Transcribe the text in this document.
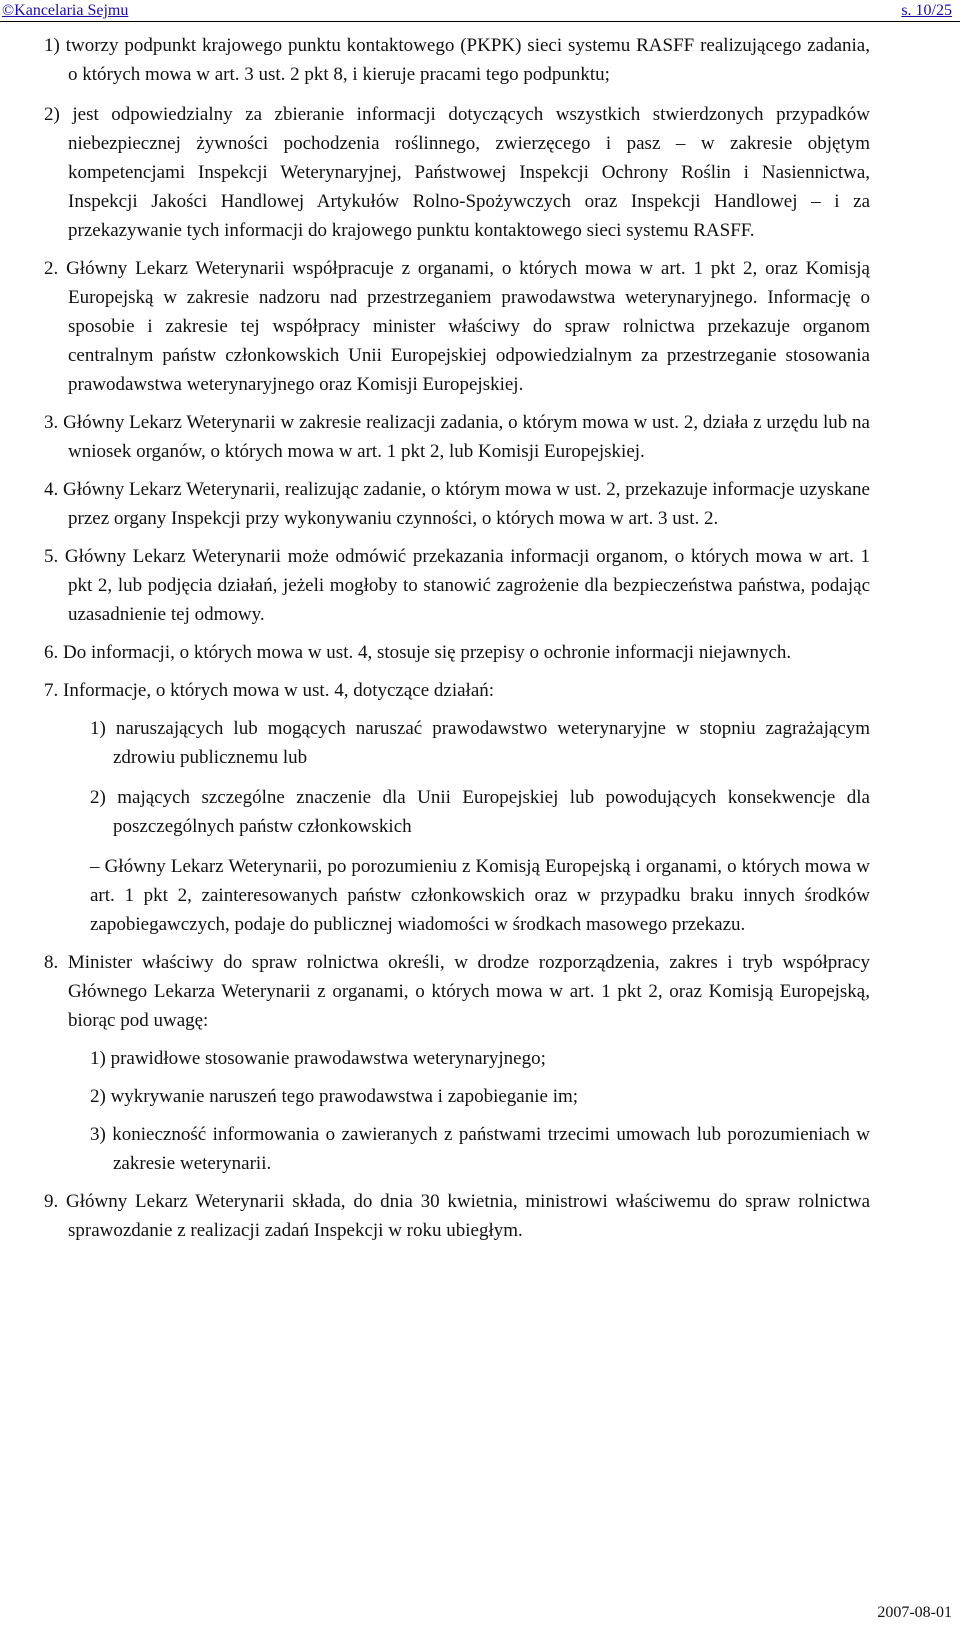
©Kancelaria Sejmu	s. 10/25

1) tworzy podpunkt krajowego punktu kontaktowego (PKPK) sieci systemu RASFF realizującego zadania, o których mowa w art. 3 ust. 2 pkt 8, i kieruje pracami tego podpunktu;

2) jest odpowiedzialny za zbieranie informacji dotyczących wszystkich stwierdzonych przypadków niebezpiecznej żywności pochodzenia roślinnego, zwierzęcego i pasz – w zakresie objętym kompetencjami Inspekcji Weterynaryjnej, Państwowej Inspekcji Ochrony Roślin i Nasiennictwa, Inspekcji Jakości Handlowej Artykułów Rolno-Spożywczych oraz Inspekcji Handlowej – i za przekazywanie tych informacji do krajowego punktu kontaktowego sieci systemu RASFF.

2. Główny Lekarz Weterynarii współpracuje z organami, o których mowa w art. 1 pkt 2, oraz Komisją Europejską w zakresie nadzoru nad przestrzeganiem prawodawstwa weterynaryjnego. Informację o sposobie i zakresie tej współpracy minister właściwy do spraw rolnictwa przekazuje organom centralnym państw członkowskich Unii Europejskiej odpowiedzialnym za przestrzeganie stosowania prawodawstwa weterynaryjnego oraz Komisji Europejskiej.

3. Główny Lekarz Weterynarii w zakresie realizacji zadania, o którym mowa w ust. 2, działa z urzędu lub na wniosek organów, o których mowa w art. 1 pkt 2, lub Komisji Europejskiej.

4. Główny Lekarz Weterynarii, realizując zadanie, o którym mowa w ust. 2, przekazuje informacje uzyskane przez organy Inspekcji przy wykonywaniu czynności, o których mowa w art. 3 ust. 2.

5. Główny Lekarz Weterynarii może odmówić przekazania informacji organom, o których mowa w art. 1 pkt 2, lub podjęcia działań, jeżeli mogłoby to stanowić zagrożenie dla bezpieczeństwa państwa, podając uzasadnienie tej odmowy.

6. Do informacji, o których mowa w ust. 4, stosuje się przepisy o ochronie informacji niejawnych.

7. Informacje, o których mowa w ust. 4, dotyczące działań:

1) naruszających lub mogących naruszać prawodawstwo weterynaryjne w stopniu zagrażającym zdrowiu publicznemu lub

2) mających szczególne znaczenie dla Unii Europejskiej lub powodujących konsekwencje dla poszczególnych państw członkowskich

– Główny Lekarz Weterynarii, po porozumieniu z Komisją Europejską i organami, o których mowa w art. 1 pkt 2, zainteresowanych państw członkowskich oraz w przypadku braku innych środków zapobiegawczych, podaje do publicznej wiadomości w środkach masowego przekazu.

8. Minister właściwy do spraw rolnictwa określi, w drodze rozporządzenia, zakres i tryb współpracy Głównego Lekarza Weterynarii z organami, o których mowa w art. 1 pkt 2, oraz Komisją Europejską, biorąc pod uwagę:

1) prawidłowe stosowanie prawodawstwa weterynaryjnego;

2) wykrywanie naruszeń tego prawodawstwa i zapobieganie im;

3) konieczność informowania o zawieranych z państwami trzecimi umowach lub porozumieniach w zakresie weterynarii.

9. Główny Lekarz Weterynarii składa, do dnia 30 kwietnia, ministrowi właściwemu do spraw rolnictwa sprawozdanie z realizacji zadań Inspekcji w roku ubiegłym.

2007-08-01
